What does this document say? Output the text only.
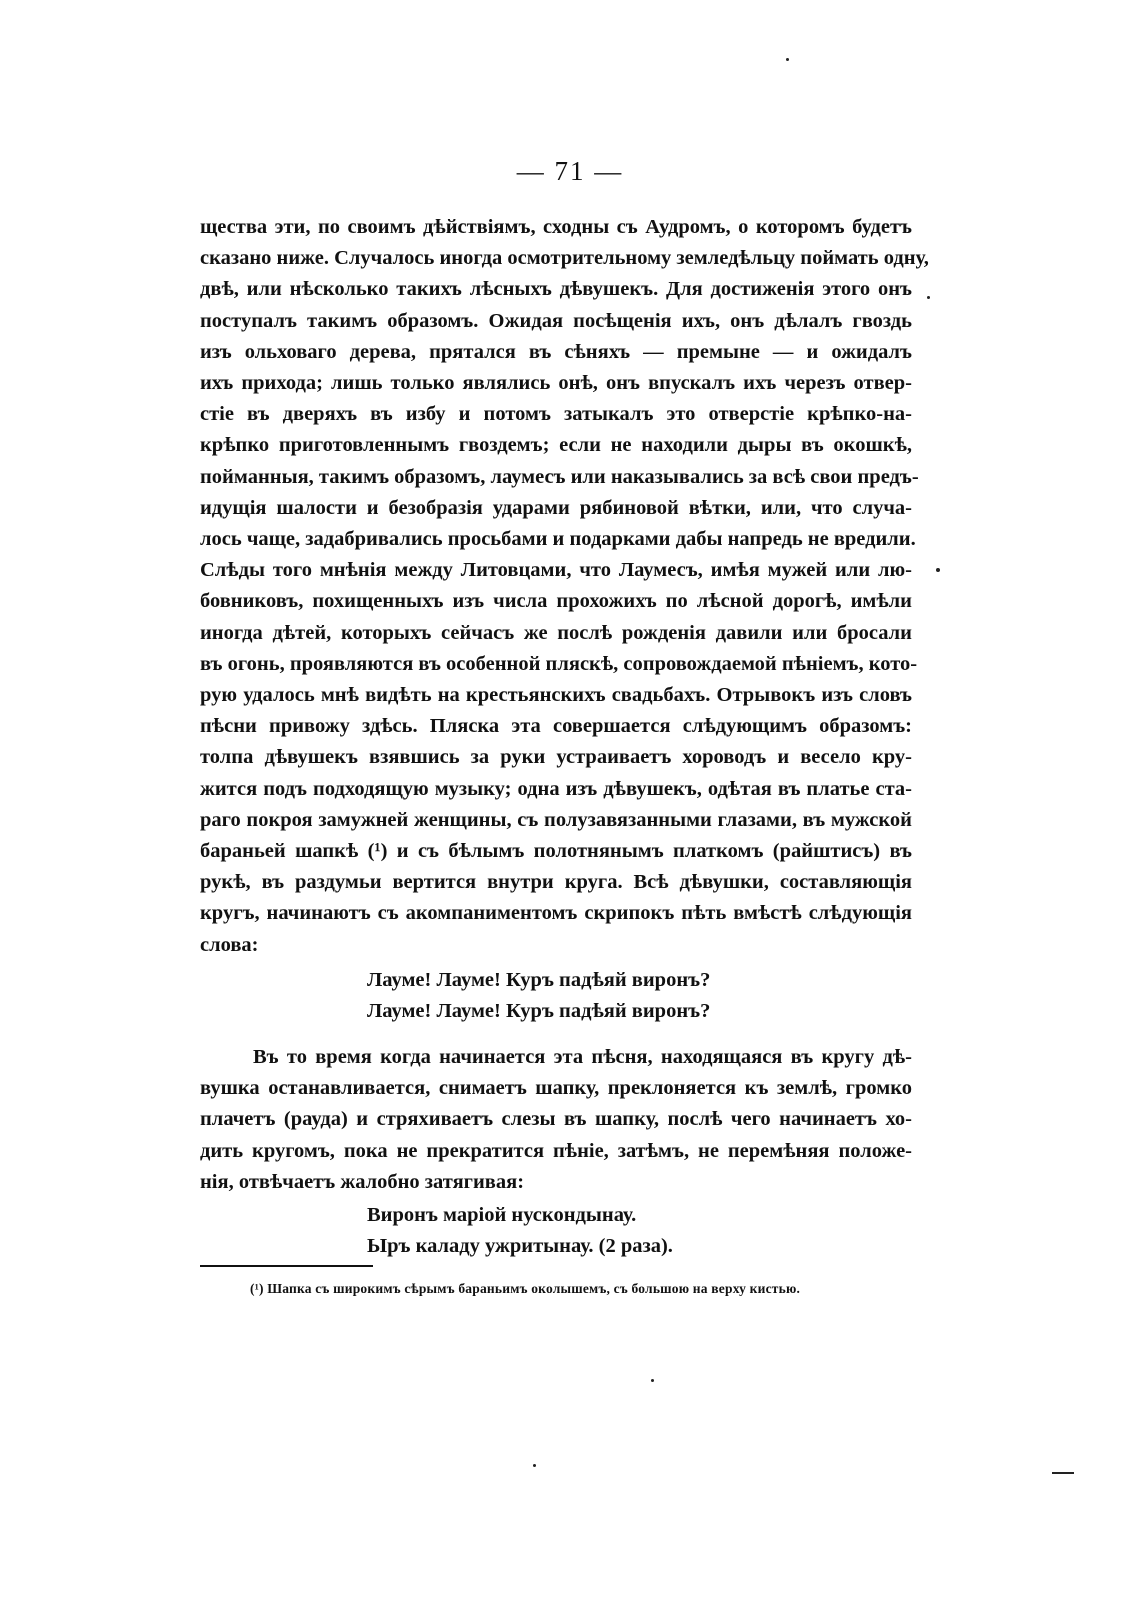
— 71 —
щества эти, по своимъ дѣйствіямъ, сходны съ Аудромъ, о которомъ будетъ
сказано ниже. Случалось иногда осмотрительному земледѣльцу поймать одну,
двѣ, или нѣсколько такихъ лѣсныхъ дѣвушекъ. Для достиженія этого онъ
поступалъ такимъ образомъ. Ожидая посѣщенія ихъ, онъ дѣлалъ гвоздь
изъ ольховаго дерева, прятался въ сѣняхъ — премыне — и ожидалъ
ихъ прихода; лишь только являлись онѣ, онъ впускалъ ихъ черезъ отвер-
стіе въ дверяхъ въ избу и потомъ затыкалъ это отверстіе крѣпко-на-
крѣпко приготовленнымъ гвоздемъ; если не находили дыры въ окошкѣ,
пойманныя, такимъ образомъ, лаумесъ или наказывались за всѣ свои предъ-
идущія шалости и безобразія ударами рябиновой вѣтки, или, что случа-
лось чаще, задабривались просьбами и подарками дабы напредь не вредили.
Слѣды того мнѣнія между Литовцами, что Лаумесъ, имѣя мужей или лю-
бовниковъ, похищенныхъ изъ числа прохожихъ по лѣсной дорогѣ, имѣли
иногда дѣтей, которыхъ сейчасъ же послѣ рожденія давили или бросали
въ огонь, проявляются въ особенной пляскѣ, сопровождаемой пѣніемъ, кото-
рую удалось мнѣ видѣть на крестьянскихъ свадьбахъ. Отрывокъ изъ словъ
пѣсни привожу здѣсь. Пляска эта совершается слѣдующимъ образомъ:
толпа дѣвушекъ взявшись за руки устраиваетъ хороводъ и весело кру-
жится подъ подходящую музыку; одна изъ дѣвушекъ, одѣтая въ платье ста-
раго покроя замужней женщины, съ полузавязанными глазами, въ мужской
бараньей шапкѣ (¹) и съ бѣлымъ полотнянымъ платкомъ (райштисъ) въ
рукѣ, въ раздумьи вертится внутри круга. Всѣ дѣвушки, составляющія
кругъ, начинаютъ съ акомпаниментомъ скрипокъ пѣть вмѣстѣ слѣдующія
слова:
Лауме! Лауме! Куръ падѣяй виронъ?
Лауме! Лауме! Куръ падѣяй виронъ?
Въ то время когда начинается эта пѣсня, находящаяся въ кругу дѣ-
вушка останавливается, снимаетъ шапку, преклоняется къ землѣ, громко
плачетъ (рауда) и стряхиваетъ слезы въ шапку, послѣ чего начинаетъ хо-
дить кругомъ, пока не прекратится пѣніе, затѣмъ, не перемѣняя положе-
нія, отвѣчаетъ жалобно затягивая:
Виронъ маріой нускондынау.
Ыръ каладу ужритынау. (2 раза).
(¹) Шапка съ широкимъ сѣрымъ бараньимъ околышемъ, съ большою на верху кистью.
